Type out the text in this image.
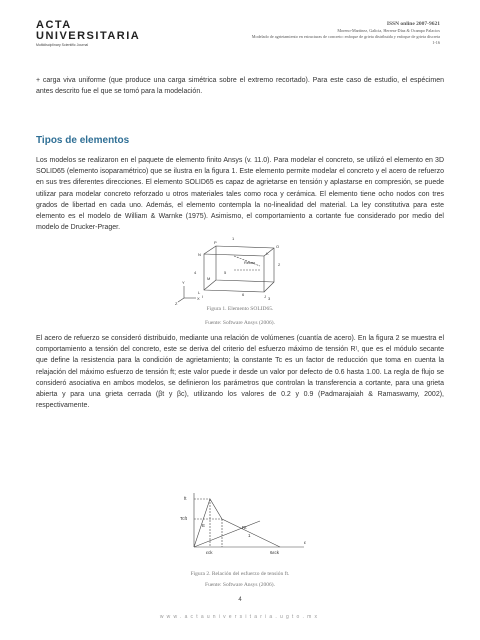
ACTA
UNIVERSITARIA
Multidisciplinary Scientific Journal
ISSN online 2007-9621
Moreno-Martínez, Galicia, Herrera-Díaz & Ocampo Palacios
Modelado de agrietamiento en estructuras de concreto: enfoque de grieta distribuida y enfoque de grieta discreta
1-16

+ carga viva uniforme (que produce una carga simétrica sobre el extremo recortado). Para este caso de estudio, el espécimen antes descrito fue el que se tomó para la modelación.

Tipos de elementos

Los modelos se realizaron en el paquete de elemento finito Ansys (v. 11.0). Para modelar el concreto, se utilizó el elemento en 3D SOLID65 (elemento isoparamétrico) que se ilustra en la figura 1. Este elemento permite modelar el concreto y el acero de refuerzo en sus tres diferentes direcciones. El elemento SOLID65 es capaz de agrietarse en tensión y aplastarse en compresión, se puede utilizar para modelar concreto reforzado u otros materiales tales como roca y cerámica. El elemento tiene ocho nodos con tres grados de libertad en cada uno. Además, el elemento contempla la no-linealidad del material. La ley constitutiva para este elemento es el modelo de William & Warnke (1975). Asimismo, el comportamiento a cortante fue considerado por medio del modelo de Drucker-Prager.

P
O
K
L
N
M
I	J
Rebar
X
Y
Z
1
2
3
4	5
6
Figura 1. Elemento SOLID65.
Fuente: Software Ansys (2006).

El acero de refuerzo se consideró distribuido, mediante una relación de volúmenes (cuantía de acero). En la figura 2 se muestra el comportamiento a tensión del concreto, este se deriva del criterio del esfuerzo máximo de tensión Rᵗ, que es el módulo secante que define la resistencia para la condición de agrietamiento; la constante Tc es un factor de reducción que toma en cuenta la relajación del máximo esfuerzo de tensión ft; este valor puede ir desde un valor por defecto de 0.6 hasta 1.00. La regla de flujo se consideró asociativa en ambos modelos, se definieron los parámetros que controlan la transferencia a cortante, para una grieta abierta y para una grieta cerrada (βt y βc), utilizando los valores de 0.2 y 0.9 (Padmarajaiah & Ramaswamy, 2002), respectivamente.

ft
Tcft
E	Rt
1
εck	6εck
ε
Figura 2. Relación del esfuerzo de tensión ft.
Fuente: Software Ansys (2006).
4
www.actauniversitaria.ugto.mx
